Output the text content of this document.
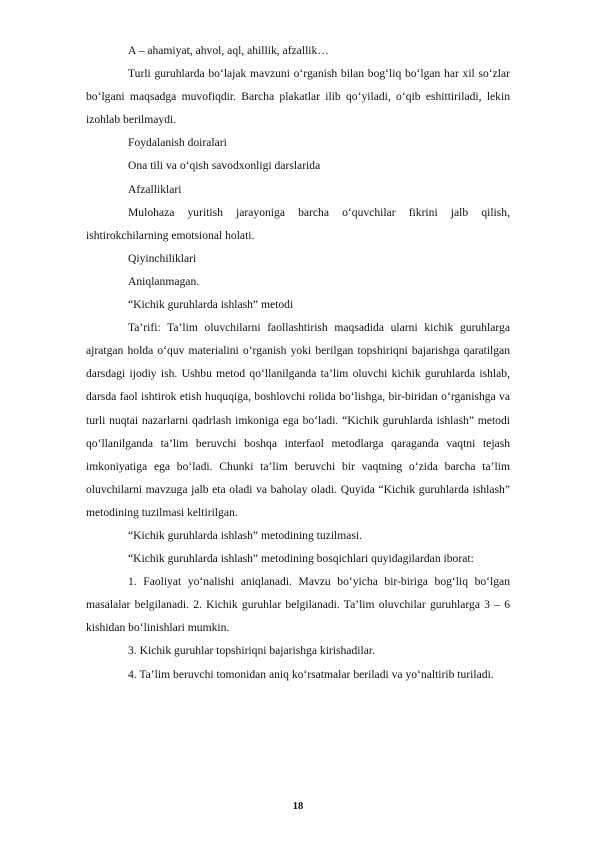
A – ahamiyat, ahvol, aql, ahillik, afzallik…

Turli guruhlarda bo‘lajak mavzuni o‘rganish bilan bog‘liq bo‘lgan har xil so‘zlar bo‘lgani maqsadga muvofiqdir. Barcha plakatlar ilib qo‘yiladi, o‘qib eshittiriladi, lekin izohlab berilmaydi.

Foydalanish doiralari

Ona tili va o‘qish savodxonligi darslarida

Afzalliklari

Mulohaza yuritish jarayoniga barcha o‘quvchilar fikrini jalb qilish, ishtirokchilarning emotsional holati.

Qiyinchiliklari

Aniqlanmagan.

“Kichik guruhlarda ishlash” metodi

Ta’rifi: Ta’lim oluvchilarni faollashtirish maqsadida ularni kichik guruhlarga ajratgan holda o‘quv materialini o‘rganish yoki berilgan topshiriqni bajarishga qaratilgan darsdagi ijodiy ish. Ushbu metod qo‘llanilganda ta’lim oluvchi kichik guruhlarda ishlab, darsda faol ishtirok etish huquqiga, boshlovchi rolida bo‘lishga, bir-biridan o‘rganishga va turli nuqtai nazarlarni qadrlash imkoniga ega bo‘ladi. “Kichik guruhlarda ishlash” metodi qo‘llanilganda ta’lim beruvchi boshqa interfaol metodlarga qaraganda vaqtni tejash imkoniyatiga ega bo‘ladi. Chunki ta’lim beruvchi bir vaqtning o‘zida barcha ta’lim oluvchilarni mavzuga jalb eta oladi va baholay oladi. Quyida “Kichik guruhlarda ishlash” metodining tuzilmasi keltirilgan.

“Kichik guruhlarda ishlash” metodining tuzilmasi.

“Kichik guruhlarda ishlash” metodining bosqichlari quyidagilardan iborat:

1. Faoliyat yo‘nalishi aniqlanadi. Mavzu bo‘yicha bir-biriga bog‘liq bo‘lgan masalalar belgilanadi. 2. Kichik guruhlar belgilanadi. Ta’lim oluvchilar guruhlarga 3 – 6 kishidan bo‘linishlari mumkin.

3. Kichik guruhlar topshiriqni bajarishga kirishadilar.

4. Ta’lim beruvchi tomonidan aniq ko‘rsatmalar beriladi va yo‘naltirib turiladi.

18
